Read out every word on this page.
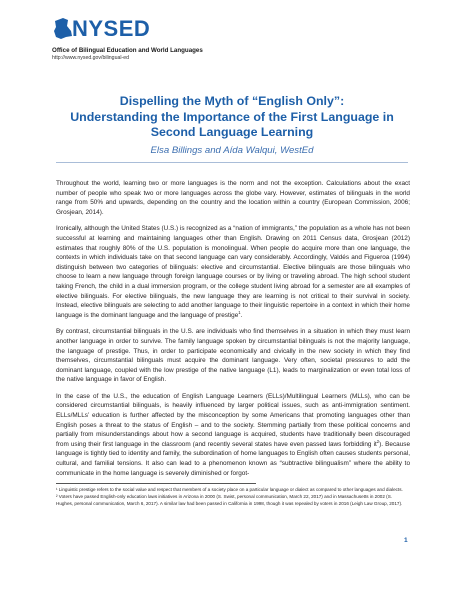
NYSED
Office of Bilingual Education and World Languages
http://www.nysed.gov/bilingual-ed
Dispelling the Myth of “English Only”:
Understanding the Importance of the First Language in
Second Language Learning
Elsa Billings and Aída Walqui, WestEd

Throughout the world, learning two or more languages is the norm and not the exception. Calculations about the exact number of people who speak two or more languages across the globe vary. However, estimates of bilinguals in the world range from 50% and upwards, depending on the country and the location within a country (European Commission, 2006; Grosjean, 2014).

Ironically, although the United States (U.S.) is recognized as a “nation of immigrants,” the population as a whole has not been successful at learning and maintaining languages other than English. Drawing on 2011 Census data, Grosjean (2012) estimates that roughly 80% of the U.S. population is monolingual. When people do acquire more than one language, the contexts in which individuals take on that second language can vary considerably. Accordingly, Valdés and Figueroa (1994) distinguish between two categories of bilinguals: elective and circumstantial. Elective bilinguals are those bilinguals who choose to learn a new language through foreign language courses or by living or traveling abroad. The high school student taking French, the child in a dual immersion program, or the college student living abroad for a semester are all examples of elective bilinguals. For elective bilinguals, the new language they are learning is not critical to their survival in society. Instead, elective bilinguals are selecting to add another language to their linguistic repertoire in a context in which their home language is the dominant language and the language of prestige$^1$.

By contrast, circumstantial bilinguals in the U.S. are individuals who find themselves in a situation in which they must learn another language in order to survive. The family language spoken by circumstantial bilinguals is not the majority language, the language of prestige. Thus, in order to participate economically and civically in the new society in which they find themselves, circumstantial bilinguals must acquire the dominant language. Very often, societal pressures to add the dominant language, coupled with the low prestige of the native language (L1), leads to marginalization or even total loss of the native language in favor of English.

In the case of the U.S., the education of English Language Learners (ELLs)/Multilingual Learners (MLLs), who can be considered circumstantial bilinguals, is heavily influenced by larger political issues, such as anti-immigration sentiment. ELLs/MLLs’ education is further affected by the misconception by some Americans that promoting languages other than English poses a threat to the status of English – and to the society. Stemming partially from these political concerns and partially from misunderstandings about how a second language is acquired, students have traditionally been discouraged from using their first language in the classroom (and recently several states have even passed laws forbidding $it^2$). Because language is tightly tied to identity and family, the subordination of home languages to English often causes students personal, cultural, and familial tensions. It also can lead to a phenomenon known as “subtractive bilingualism” where the ability to communicate in the home language is severely diminished or forgot-

¹ Linguistic prestige refers to the social value and respect that members of a society place on a particular language or dialect as compared to other languages and dialects.

² Voters have passed English-only education laws initiatives in Arizona in 2000 (S. Swist, personal communication, March 22, 2017) and in Massachusetts in 2002 (S. Hughes, personal communication, March 6, 2017). A similar law had been passed in California in 1998, though it was repealed by voters in 2016 (Leigh Law Group, 2017).

1
